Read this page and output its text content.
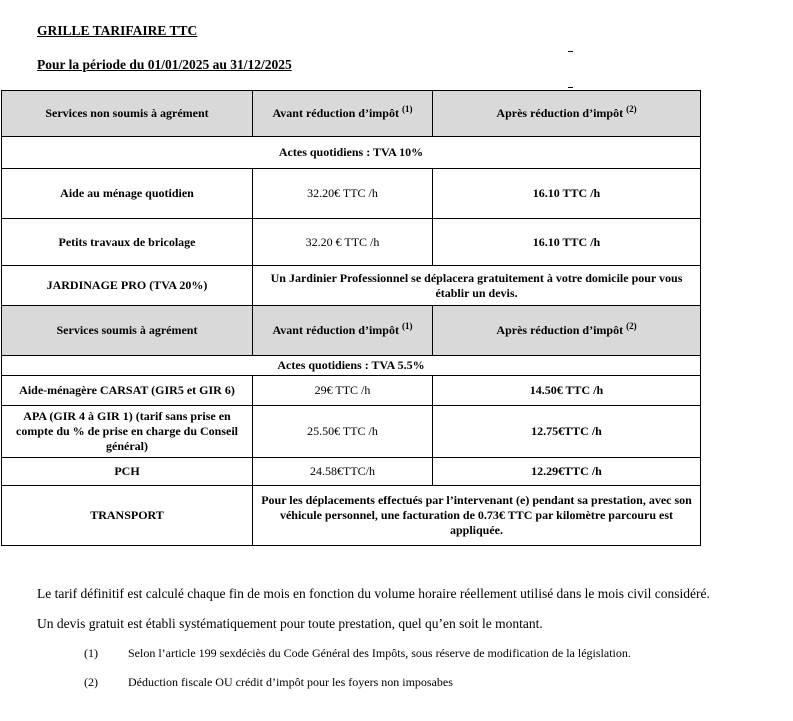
GRILLE TARIFAIRE TTC
Pour la période du 01/01/2025 au 31/12/2025
Services non soumis à agrément	Avant réduction d’impôt $^{(1)}$	Après réduction d’impôt $^{(2)}$
Actes quotidiens : TVA 10%		
Aide au ménage quotidien	32.20€ TTC /h	16.10 TTC /h
Petits travaux de bricolage	32.20 € TTC /h	16.10 TTC /h
JARDINAGE PRO (TVA 20%)	Un Jardinier Professionnel se déplacera gratuitement à votre domicile pour vous établir un devis.	
Services soumis à agrément	Avant réduction d’impôt $^{(1)}$	Après réduction d’impôt $^{(2)}$
Actes quotidiens : TVA 5.5%		
Aide-ménagère CARSAT (GIR5 et GIR 6)	29€ TTC /h	14.50€ TTC /h
APA (GIR 4 à GIR 1) (tarif sans prise en compte du % de prise en charge du Conseil général)	25.50€ TTC /h	12.75€TTC /h
PCH	24.58€TTC/h	12.29€TTC /h
TRANSPORT	Pour les déplacements effectués par l’intervenant (e) pendant sa prestation, avec son véhicule personnel, une facturation de 0.73€ TTC par kilomètre parcouru est appliquée.	
Le tarif définitif est calculé chaque fin de mois en fonction du volume horaire réellement utilisé dans le mois civil considéré.
Un devis gratuit est établi systématiquement pour toute prestation, quel qu’en soit le montant.
(1)	Selon l’article 199 sexdéciès du Code Général des Impôts, sous réserve de modification de la législation.
(2)	Déduction fiscale OU crédit d’impôt pour les foyers non imposabes
